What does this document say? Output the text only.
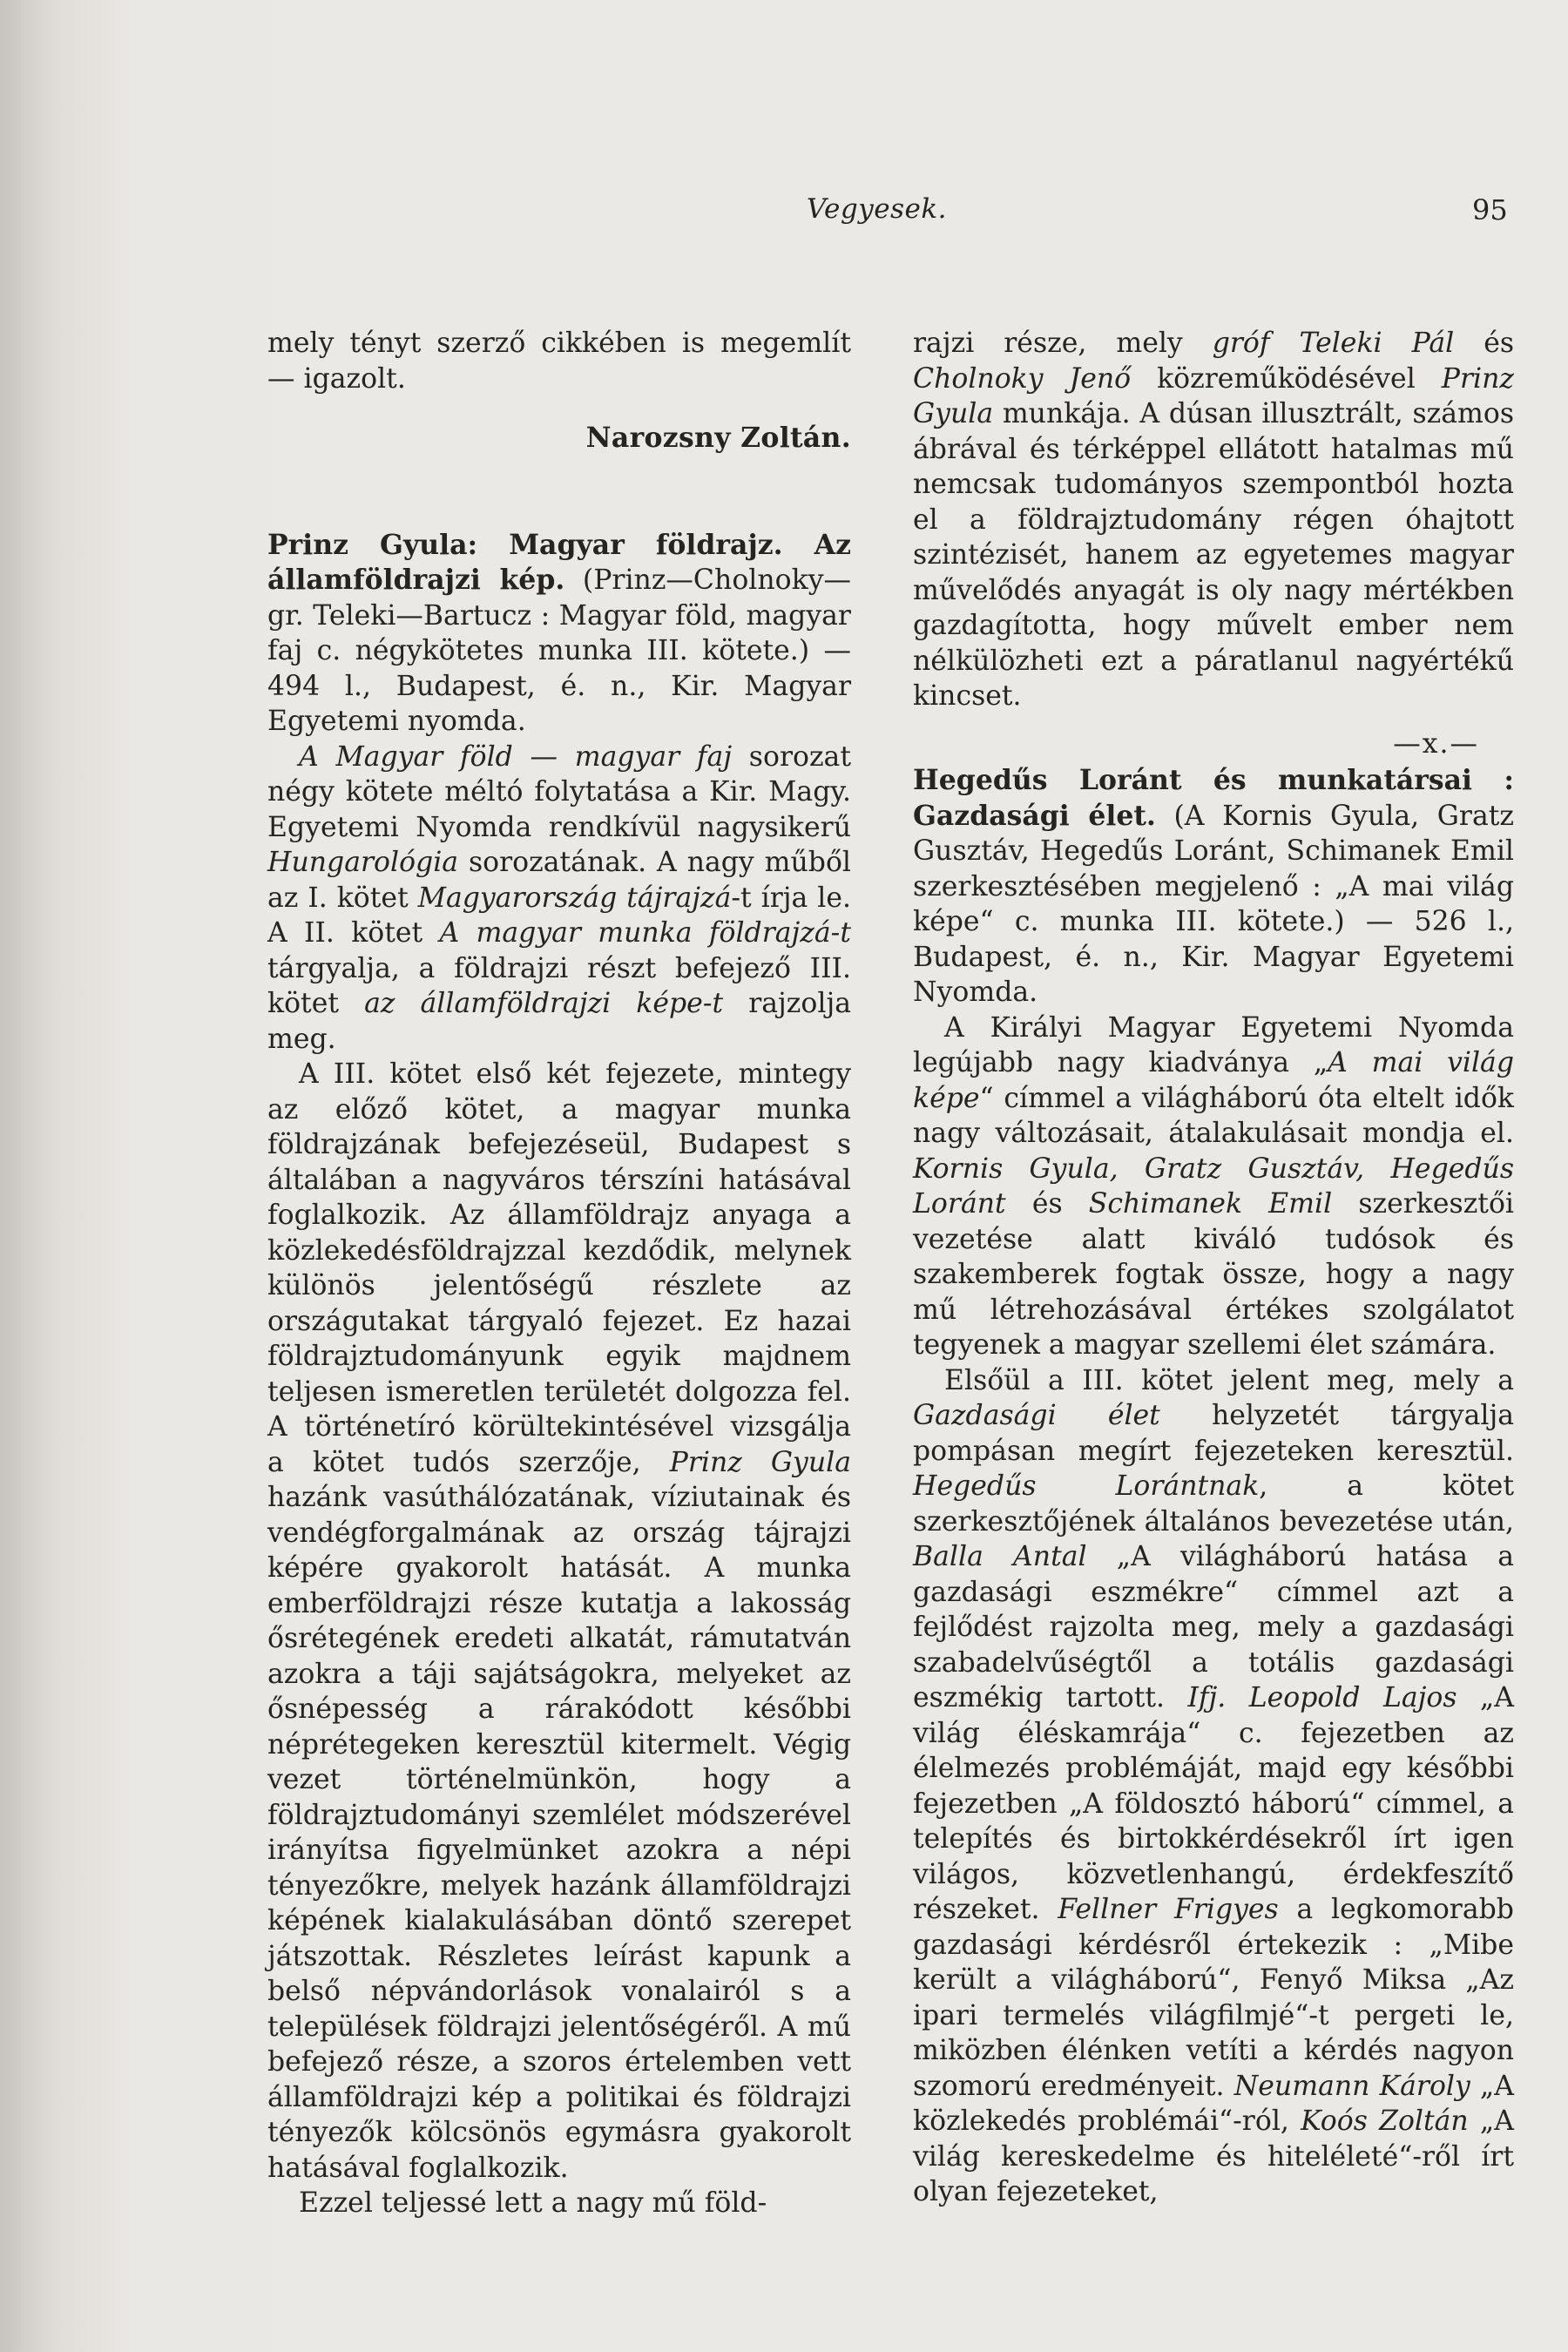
Vegyesek.	95

mely tényt szerző cikkében is megemlít — igazolt.

Narozsny Zoltán.

Prinz Gyula: Magyar földrajz. Az államföldrajzi kép. (Prinz—Cholnoky—gr. Teleki—Bartucz : Magyar föld, magyar faj c. négykötetes munka III. kötete.) — 494 l., Budapest, é. n., Kir. Magyar Egyetemi nyomda.

A Magyar föld — magyar faj sorozat négy kötete méltó folytatása a Kir. Magy. Egyetemi Nyomda rendkívül nagysikerű Hungarológia sorozatának. A nagy műből az I. kötet Magyarország tájrajzá-t írja le. A II. kötet A magyar munka földrajzá-t tárgyalja, a földrajzi részt befejező III. kötet az államföldrajzi képe-t rajzolja meg.

A III. kötet első két fejezete, mintegy az előző kötet, a magyar munka földrajzának befejezéseül, Budapest s általában a nagyváros térszíni hatásával foglalkozik. Az államföldrajz anyaga a közlekedésföldrajzzal kezdődik, melynek különös jelentőségű részlete az országutakat tárgyaló fejezet. Ez hazai földrajztudományunk egyik majdnem teljesen ismeretlen területét dolgozza fel. A történetíró körültekintésével vizsgálja a kötet tudós szerzője, Prinz Gyula hazánk vasúthálózatának, víziutainak és vendégforgalmának az ország tájrajzi képére gyakorolt hatását. A munka emberföldrajzi része kutatja a lakosság ősrétegének eredeti alkatát, rámutatván azokra a táji sajátságokra, melyeket az ősnépesség a rárakódott későbbi néprétegeken keresztül kitermelt. Végig vezet történelmünkön, hogy a földrajztudományi szemlélet módszerével irányítsa figyelmünket azokra a népi tényezőkre, melyek hazánk államföldrajzi képének kialakulásában döntő szerepet játszottak. Részletes leírást kapunk a belső népvándorlások vonalairól s a települések földrajzi jelentőségéről. A mű befejező része, a szoros értelemben vett államföldrajzi kép a politikai és földrajzi tényezők kölcsönös egymásra gyakorolt hatásával foglalkozik.

Ezzel teljessé lett a nagy mű föld-

rajzi része, mely gróf Teleki Pál és Cholnoky Jenő közreműködésével Prinz Gyula munkája. A dúsan illusztrált, számos ábrával és térképpel ellátott hatalmas mű nemcsak tudományos szempontból hozta el a földrajztudomány régen óhajtott szintézisét, hanem az egyetemes magyar művelődés anyagát is oly nagy mértékben gazdagította, hogy művelt ember nem nélkülözheti ezt a páratlanul nagyértékű kincset.

—x.—

Hegedűs Loránt és munkatársai : Gazdasági élet. (A Kornis Gyula, Gratz Gusztáv, Hegedűs Loránt, Schimanek Emil szerkesztésében megjelenő : „A mai világ képe“ c. munka III. kötete.) — 526 l., Budapest, é. n., Kir. Magyar Egyetemi Nyomda.

A Királyi Magyar Egyetemi Nyomda legújabb nagy kiadványa „A mai világ képe“ címmel a világháború óta eltelt idők nagy változásait, átalakulásait mondja el. Kornis Gyula, Gratz Gusztáv, Hegedűs Loránt és Schimanek Emil szerkesztői vezetése alatt kiváló tudósok és szakemberek fogtak össze, hogy a nagy mű létrehozásával értékes szolgálatot tegyenek a magyar szellemi élet számára.

Elsőül a III. kötet jelent meg, mely a Gazdasági élet helyzetét tárgyalja pompásan megírt fejezeteken keresztül. Hegedűs Lorántnak, a kötet szerkesztőjének általános bevezetése után, Balla Antal „A világháború hatása a gazdasági eszmékre“ címmel azt a fejlődést rajzolta meg, mely a gazdasági szabadelvűségtől a totális gazdasági eszmékig tartott. Ifj. Leopold Lajos „A világ éléskamrája“ c. fejezetben az élelmezés problémáját, majd egy későbbi fejezetben „A földosztó háború“ címmel, a telepítés és birtokkérdésekről írt igen világos, közvetlenhangú, érdekfeszítő részeket. Fellner Frigyes a legkomorabb gazdasági kérdésről értekezik : „Mibe került a világháború“, Fenyő Miksa „Az ipari termelés világfilmjé“-t pergeti le, miközben élénken vetíti a kérdés nagyon szomorú eredményeit. Neumann Károly „A közlekedés problémái“-ról, Koós Zoltán „A világ kereskedelme és hiteléleté“-ről írt olyan fejezeteket,
